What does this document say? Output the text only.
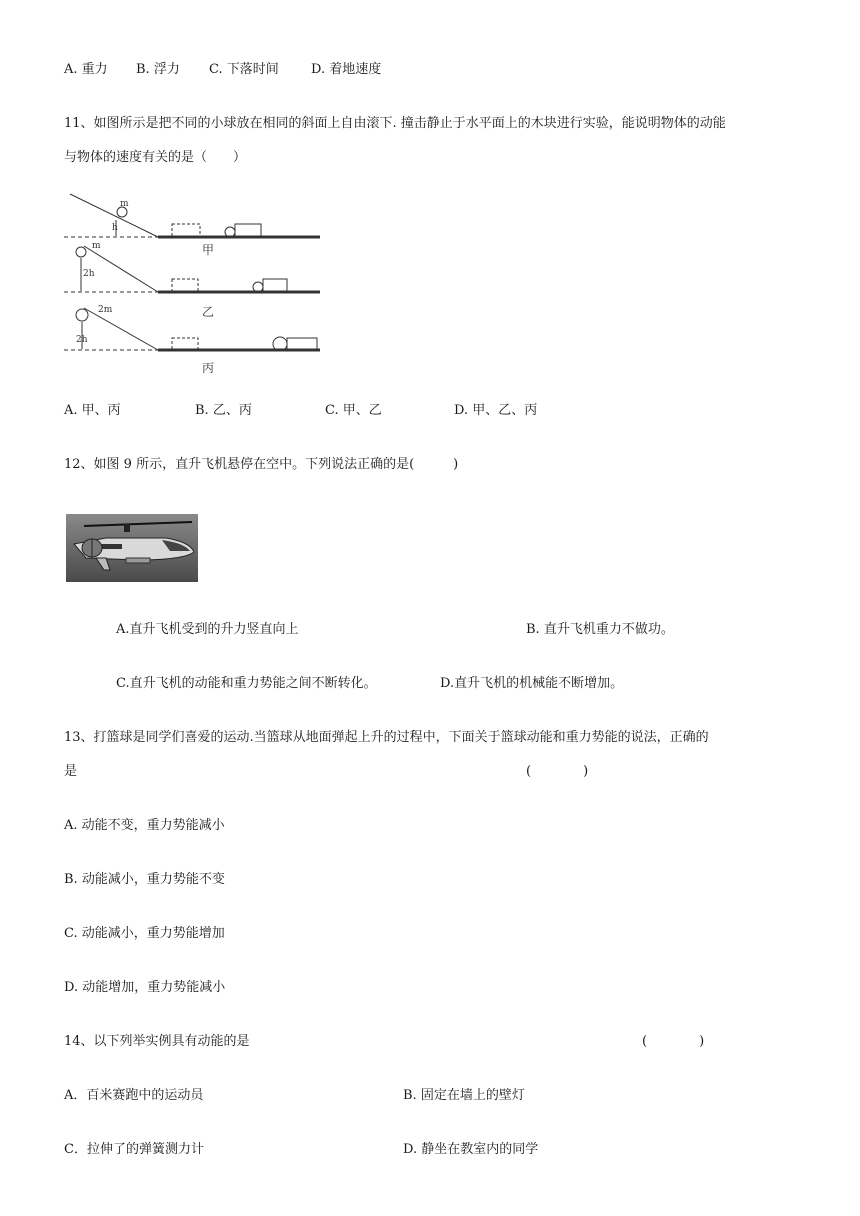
A. 重力 B. 浮力 C. 下落时间 D. 着地速度
11、如图所示是把不同的小球放在相同的斜面上自由滚下. 撞击静止于水平面上的木块进行实验，能说明物体的动能
与物体的速度有关的是（　　）
m
h
m
2h
2m
2h
甲
乙
丙
A. 甲、丙	B. 乙、丙	C. 甲、乙	D. 甲、乙、丙
12、如图 9 所示，直升飞机悬停在空中。下列说法正确的是(　　　)
A.直升飞机受到的升力竖直向上	B. 直升飞机重力不做功。
C.直升飞机的动能和重力势能之间不断转化。	D.直升飞机的机械能不断增加。
13、打篮球是同学们喜爱的运动.当篮球从地面弹起上升的过程中，下面关于篮球动能和重力势能的说法，正确的
是	(　　　　)
A. 动能不变，重力势能减小
B. 动能减小，重力势能不变
C. 动能减小，重力势能增加
D. 动能增加，重力势能减小
14、以下列举实例具有动能的是	(　　　　)
A．百米赛跑中的运动员	B. 固定在墙上的壁灯
C．拉伸了的弹簧测力计	D. 静坐在教室内的同学
